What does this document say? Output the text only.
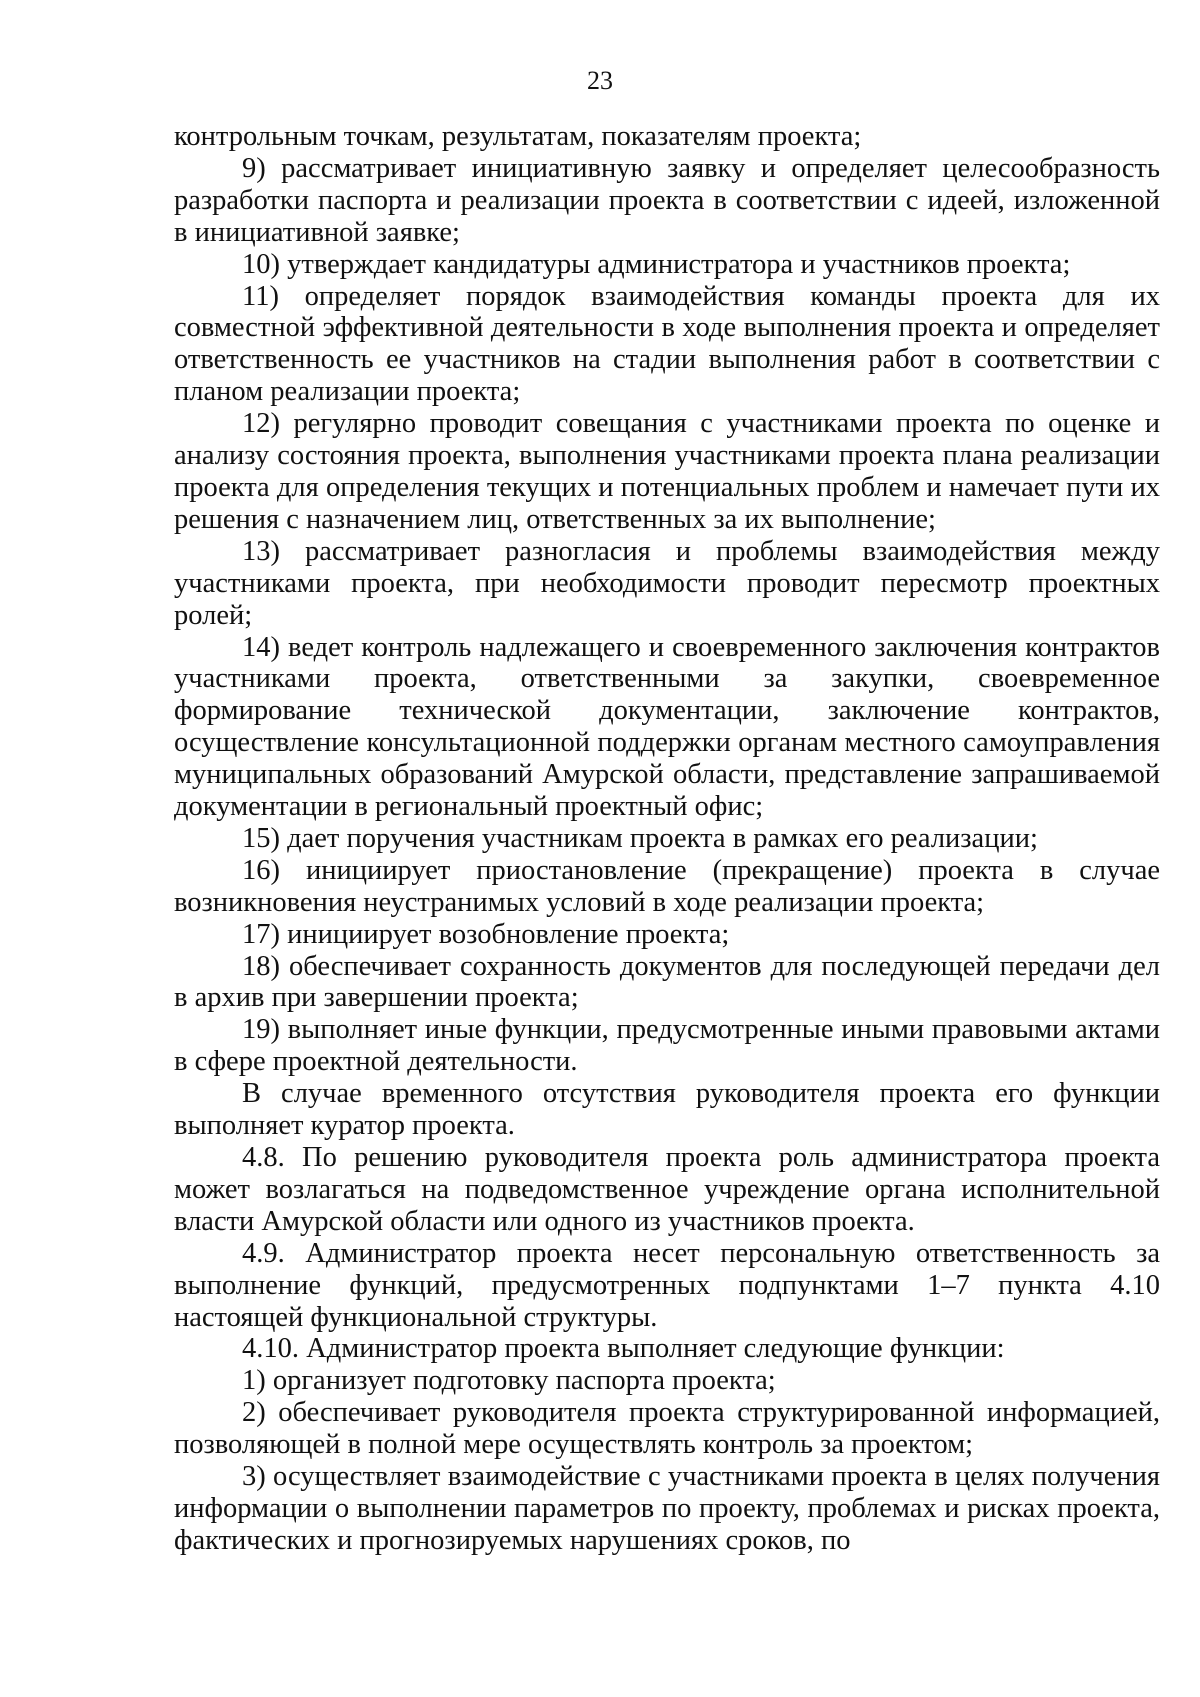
23

контрольным точкам, результатам, показателям проекта;

9) рассматривает инициативную заявку и определяет целесообразность разработки паспорта и реализации проекта в соответствии с идеей, изложенной в инициативной заявке;

10) утверждает кандидатуры администратора и участников проекта;

11) определяет порядок взаимодействия команды проекта для их совместной эффективной деятельности в ходе выполнения проекта и определяет ответственность ее участников на стадии выполнения работ в соответствии с планом реализации проекта;

12) регулярно проводит совещания с участниками проекта по оценке и анализу состояния проекта, выполнения участниками проекта плана реализации проекта для определения текущих и потенциальных проблем и намечает пути их решения с назначением лиц, ответственных за их выполнение;

13) рассматривает разногласия и проблемы взаимодействия между участниками проекта, при необходимости проводит пересмотр проектных ролей;

14) ведет контроль надлежащего и своевременного заключения контрактов участниками проекта, ответственными за закупки, своевременное формирование технической документации, заключение контрактов, осуществление консультационной поддержки органам местного самоуправления муниципальных образований Амурской области, представление запрашиваемой документации в региональный проектный офис;

15) дает поручения участникам проекта в рамках его реализации;

16) инициирует приостановление (прекращение) проекта в случае возникновения неустранимых условий в ходе реализации проекта;

17) инициирует возобновление проекта;

18) обеспечивает сохранность документов для последующей передачи дел в архив при завершении проекта;

19) выполняет иные функции, предусмотренные иными правовыми актами в сфере проектной деятельности.

В случае временного отсутствия руководителя проекта его функции выполняет куратор проекта.

4.8. По решению руководителя проекта роль администратора проекта может возлагаться на подведомственное учреждение органа исполнительной власти Амурской области или одного из участников проекта.

4.9. Администратор проекта несет персональную ответственность за выполнение функций, предусмотренных подпунктами 1–7 пункта 4.10 настоящей функциональной структуры.

4.10. Администратор проекта выполняет следующие функции:

1) организует подготовку паспорта проекта;

2) обеспечивает руководителя проекта структурированной информацией, позволяющей в полной мере осуществлять контроль за проектом;

3) осуществляет взаимодействие с участниками проекта в целях получения информации о выполнении параметров по проекту, проблемах и рисках проекта, фактических и прогнозируемых нарушениях сроков, по
